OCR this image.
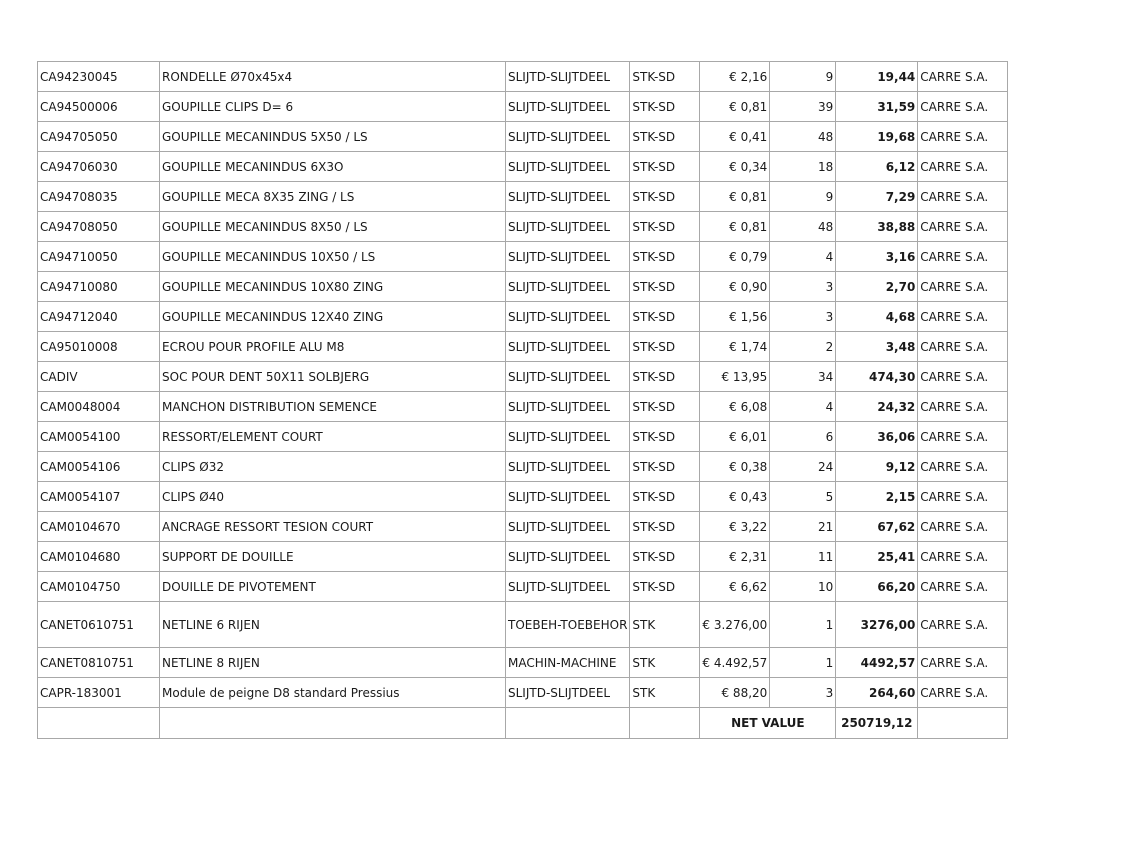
CA94230045	RONDELLE Ø70x45x4	SLIJTD-SLIJTDEEL	STK-SD	€ 2,16	9	19,44	CARRE S.A.
CA94500006	GOUPILLE CLIPS D= 6	SLIJTD-SLIJTDEEL	STK-SD	€ 0,81	39	31,59	CARRE S.A.
CA94705050	GOUPILLE MECANINDUS 5X50 / LS	SLIJTD-SLIJTDEEL	STK-SD	€ 0,41	48	19,68	CARRE S.A.
CA94706030	GOUPILLE MECANINDUS 6X3O	SLIJTD-SLIJTDEEL	STK-SD	€ 0,34	18	6,12	CARRE S.A.
CA94708035	GOUPILLE MECA 8X35 ZING / LS	SLIJTD-SLIJTDEEL	STK-SD	€ 0,81	9	7,29	CARRE S.A.
CA94708050	GOUPILLE MECANINDUS 8X50 / LS	SLIJTD-SLIJTDEEL	STK-SD	€ 0,81	48	38,88	CARRE S.A.
CA94710050	GOUPILLE MECANINDUS 10X50 / LS	SLIJTD-SLIJTDEEL	STK-SD	€ 0,79	4	3,16	CARRE S.A.
CA94710080	GOUPILLE MECANINDUS 10X80 ZING	SLIJTD-SLIJTDEEL	STK-SD	€ 0,90	3	2,70	CARRE S.A.
CA94712040	GOUPILLE MECANINDUS 12X40 ZING	SLIJTD-SLIJTDEEL	STK-SD	€ 1,56	3	4,68	CARRE S.A.
CA95010008	ECROU POUR PROFILE ALU M8	SLIJTD-SLIJTDEEL	STK-SD	€ 1,74	2	3,48	CARRE S.A.
CADIV	SOC POUR DENT 50X11 SOLBJERG	SLIJTD-SLIJTDEEL	STK-SD	€ 13,95	34	474,30	CARRE S.A.
CAM0048004	MANCHON DISTRIBUTION SEMENCE	SLIJTD-SLIJTDEEL	STK-SD	€ 6,08	4	24,32	CARRE S.A.
CAM0054100	RESSORT/ELEMENT COURT	SLIJTD-SLIJTDEEL	STK-SD	€ 6,01	6	36,06	CARRE S.A.
CAM0054106	CLIPS Ø32	SLIJTD-SLIJTDEEL	STK-SD	€ 0,38	24	9,12	CARRE S.A.
CAM0054107	CLIPS Ø40	SLIJTD-SLIJTDEEL	STK-SD	€ 0,43	5	2,15	CARRE S.A.
CAM0104670	ANCRAGE RESSORT TESION COURT	SLIJTD-SLIJTDEEL	STK-SD	€ 3,22	21	67,62	CARRE S.A.
CAM0104680	SUPPORT DE DOUILLE	SLIJTD-SLIJTDEEL	STK-SD	€ 2,31	11	25,41	CARRE S.A.
CAM0104750	DOUILLE DE PIVOTEMENT	SLIJTD-SLIJTDEEL	STK-SD	€ 6,62	10	66,20	CARRE S.A.
CANET0610751	NETLINE 6 RIJEN	TOEBEH-TOEBEHOR	STK	€ 3.276,00	1	3276,00	CARRE S.A.
CANET0810751	NETLINE 8 RIJEN	MACHIN-MACHINE	STK	€ 4.492,57	1	4492,57	CARRE S.A.
CAPR-183001	Module de peigne D8 standard Pressius	SLIJTD-SLIJTDEEL	STK	€ 88,20	3	264,60	CARRE S.A.
				NET VALUE		250719,12	
